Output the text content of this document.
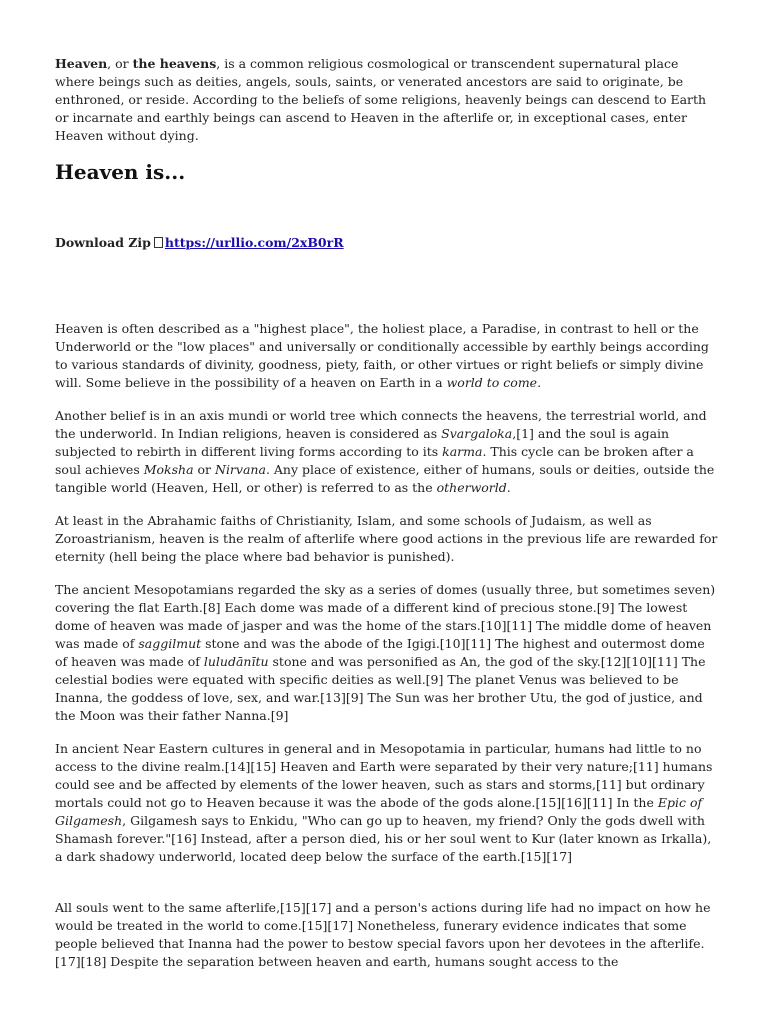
Heaven, or the heavens, is a common religious cosmological or transcendent supernatural place where beings such as deities, angels, souls, saints, or venerated ancestors are said to originate, be enthroned, or reside. According to the beliefs of some religions, heavenly beings can descend to Earth or incarnate and earthly beings can ascend to Heaven in the afterlife or, in exceptional cases, enter Heaven without dying.

Heaven is...

Download Zip https://urllio.com/2xB0rR

Heaven is often described as a "highest place", the holiest place, a Paradise, in contrast to hell or the Underworld or the "low places" and universally or conditionally accessible by earthly beings according to various standards of divinity, goodness, piety, faith, or other virtues or right beliefs or simply divine will. Some believe in the possibility of a heaven on Earth in a world to come.

Another belief is in an axis mundi or world tree which connects the heavens, the terrestrial world, and the underworld. In Indian religions, heaven is considered as Svargaloka,[1] and the soul is again subjected to rebirth in different living forms according to its karma. This cycle can be broken after a soul achieves Moksha or Nirvana. Any place of existence, either of humans, souls or deities, outside the tangible world (Heaven, Hell, or other) is referred to as the otherworld.

At least in the Abrahamic faiths of Christianity, Islam, and some schools of Judaism, as well as Zoroastrianism, heaven is the realm of afterlife where good actions in the previous life are rewarded for eternity (hell being the place where bad behavior is punished).

The ancient Mesopotamians regarded the sky as a series of domes (usually three, but sometimes seven) covering the flat Earth.[8] Each dome was made of a different kind of precious stone.[9] The lowest dome of heaven was made of jasper and was the home of the stars.[10][11] The middle dome of heaven was made of saggilmut stone and was the abode of the Igigi.[10][11] The highest and outermost dome of heaven was made of luludānītu stone and was personified as An, the god of the sky.[12][10][11] The celestial bodies were equated with specific deities as well.[9] The planet Venus was believed to be Inanna, the goddess of love, sex, and war.[13][9] The Sun was her brother Utu, the god of justice, and the Moon was their father Nanna.[9]

In ancient Near Eastern cultures in general and in Mesopotamia in particular, humans had little to no access to the divine realm.[14][15] Heaven and Earth were separated by their very nature;[11] humans could see and be affected by elements of the lower heaven, such as stars and storms,[11] but ordinary mortals could not go to Heaven because it was the abode of the gods alone.[15][16][11] In the Epic of Gilgamesh, Gilgamesh says to Enkidu, "Who can go up to heaven, my friend? Only the gods dwell with Shamash forever."[16] Instead, after a person died, his or her soul went to Kur (later known as Irkalla), a dark shadowy underworld, located deep below the surface of the earth.[15][17]

All souls went to the same afterlife,[15][17] and a person's actions during life had no impact on how he would be treated in the world to come.[15][17] Nonetheless, funerary evidence indicates that some people believed that Inanna had the power to bestow special favors upon her devotees in the afterlife.[17][18] Despite the separation between heaven and earth, humans sought access to the
